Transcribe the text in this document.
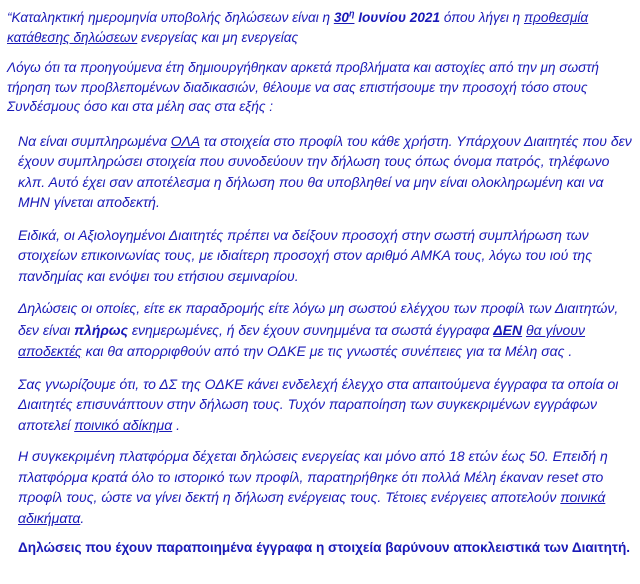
“Καταληκτική ημερομηνία υποβολής δηλώσεων είναι η $30^\eta$ Ιουνίου 2021 όπου λήγει η προθεσμία κατάθεσης δηλώσεων ενεργείας και μη ενεργείας

Λόγω ότι τα προηγούμενα έτη δημιουργήθηκαν αρκετά προβλήματα και αστοχίες από την μη σωστή τήρηση των προβλεπομένων διαδικασιών, θέλουμε να σας επιστήσουμε την προσοχή τόσο στους Συνδέσμους όσο και στα μέλη σας στα εξής :

Να είναι συμπληρωμένα ΟΛΑ τα στοιχεία στο προφίλ του κάθε χρήστη. Υπάρχουν Διαιτητές που δεν έχουν συμπληρώσει στοιχεία που συνοδεύουν την δήλωση τους όπως όνομα πατρός, τηλέφωνο κλπ. Αυτό έχει σαν αποτέλεσμα η δήλωση που θα υποβληθεί να μην είναι ολοκληρωμένη και να ΜΗΝ γίνεται αποδεκτή.

Ειδικά, οι Αξιολογημένοι Διαιτητές πρέπει να δείξουν προσοχή στην σωστή συμπλήρωση των στοιχείων επικοινωνίας τους, με ιδιαίτερη προσοχή στον αριθμό ΑΜΚΑ τους, λόγω του ιού της πανδημίας και ενόψει του ετήσιου σεμιναρίου.

Δηλώσεις οι οποίες, είτε εκ παραδρομής είτε λόγω μη σωστού ελέγχου των προφίλ των Διαιτητών, δεν είναι πλήρως ενημερωμένες, ή δεν έχουν συνημμένα τα σωστά έγγραφα ΔΕΝ θα γίνουν αποδεκτές και θα απορριφθούν από την ΟΔΚΕ με τις γνωστές συνέπειες για τα Μέλη σας .

Σας γνωρίζουμε ότι, το ΔΣ της ΟΔΚΕ κάνει ενδελεχή έλεγχο στα απαιτούμενα έγγραφα τα οποία οι Διαιτητές επισυνάπτουν στην δήλωση τους. Τυχόν παραποίηση των συγκεκριμένων εγγράφων αποτελεί ποινικό αδίκημα .

Η συγκεκριμένη πλατφόρμα δέχεται δηλώσεις ενεργείας και μόνο από 18 ετών έως 50. Επειδή η πλατφόρμα κρατά όλο το ιστορικό των προφίλ, παρατηρήθηκε ότι πολλά Μέλη έκαναν reset στο προφίλ τους, ώστε να γίνει δεκτή η δήλωση ενέργειας τους. Τέτοιες ενέργειες αποτελούν ποινικά αδικήματα.

Δηλώσεις που έχουν παραποιημένα έγγραφα η στοιχεία βαρύνουν αποκλειστικά των Διαιτητή.
